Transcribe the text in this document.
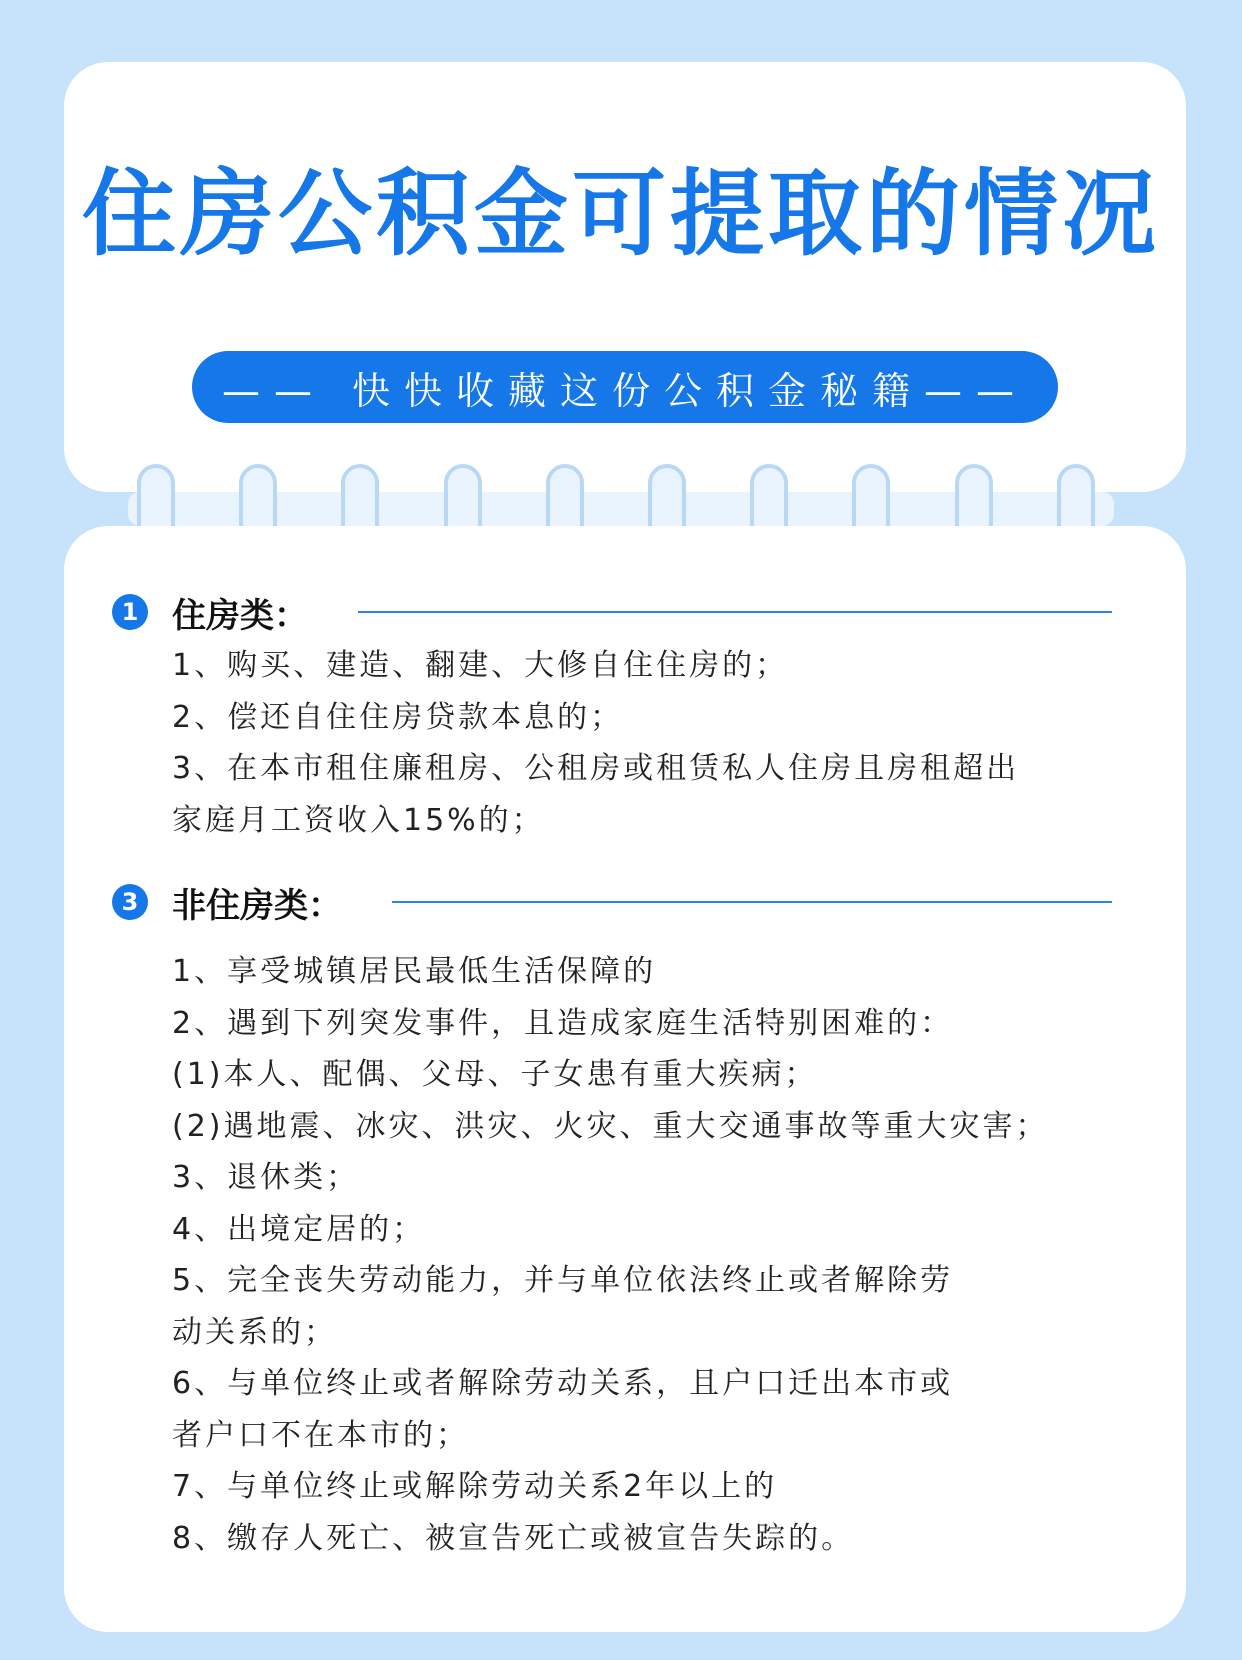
住房公积金可提取的情况
—— 快快收藏这份公积金秘籍——
1 住房类：
1、购买、建造、翻建、大修自住住房的；
2、偿还自住住房贷款本息的；
3、在本市租住廉租房、公租房或租赁私人住房且房租超出
家庭月工资收入15%的；
3 非住房类：
1、享受城镇居民最低生活保障的
2、遇到下列突发事件，且造成家庭生活特别困难的：
(1)本人、配偶、父母、子女患有重大疾病；
(2)遇地震、冰灾、洪灾、火灾、重大交通事故等重大灾害；
3、退休类；
4、出境定居的；
5、完全丧失劳动能力，并与单位依法终止或者解除劳
动关系的；
6、与单位终止或者解除劳动关系，且户口迁出本市或
者户口不在本市的；
7、与单位终止或解除劳动关系2年以上的
8、缴存人死亡、被宣告死亡或被宣告失踪的。
